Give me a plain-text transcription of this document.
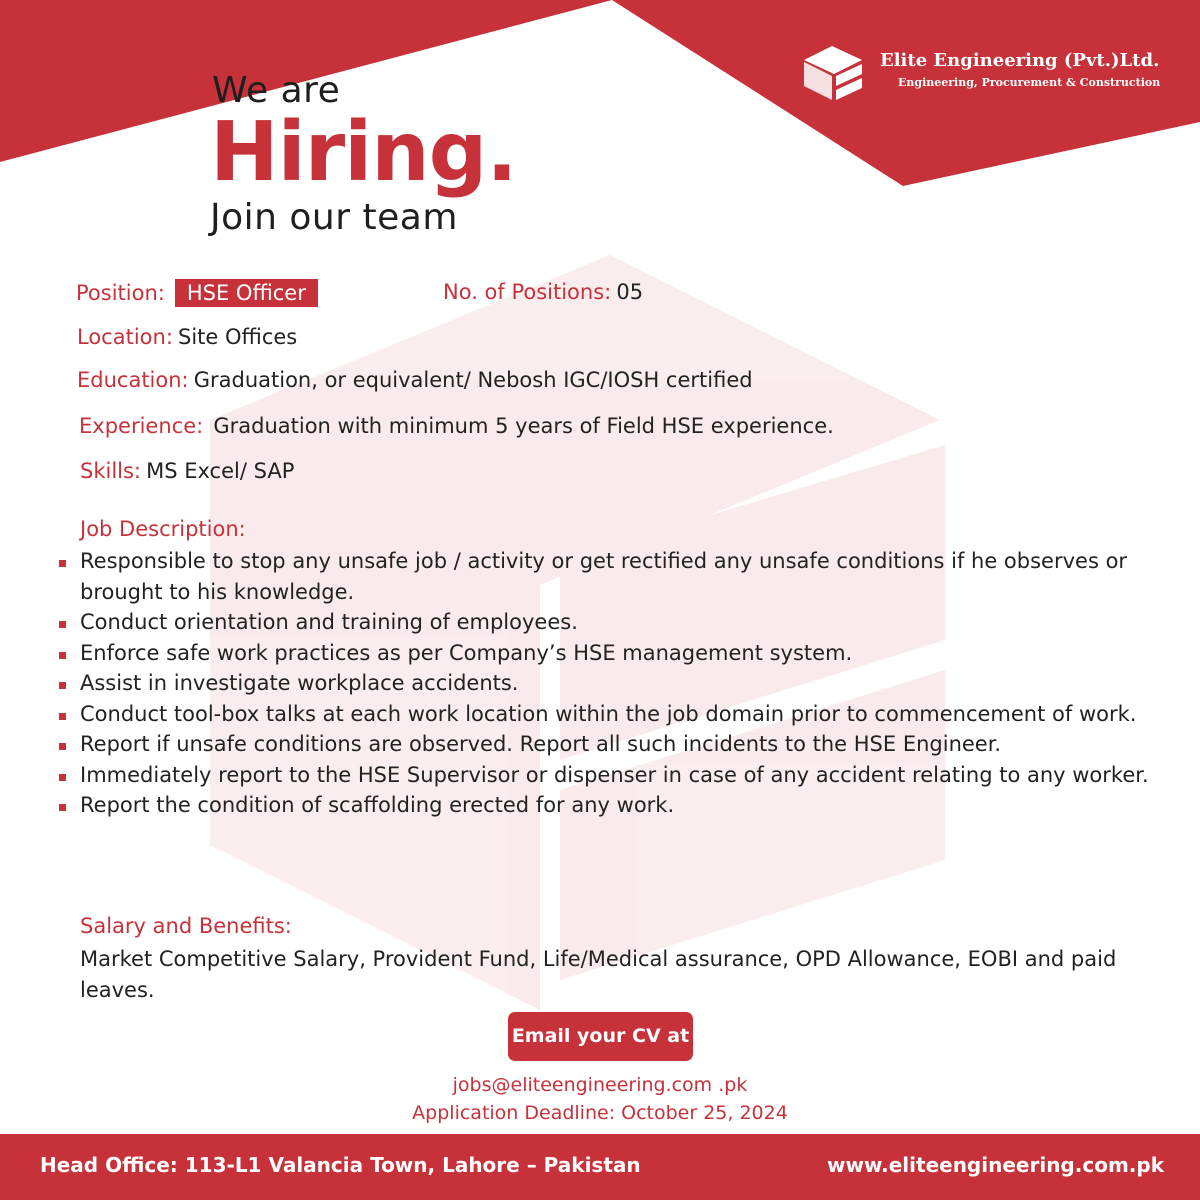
Elite Engineering (Pvt.)Ltd.
Engineering, Procurement & Construction
We are
Hiring.
Join our team
Position: HSE Officer	No. of Positions: 05
Location: Site Offices
Education: Graduation, or equivalent/ Nebosh IGC/IOSH certified
Experience: Graduation with minimum 5 years of Field HSE experience.
Skills: MS Excel/ SAP
Job Description:
Responsible to stop any unsafe job / activity or get rectified any unsafe conditions if he observes or brought to his knowledge.
Conduct orientation and training of employees.
Enforce safe work practices as per Company’s HSE management system.
Assist in investigate workplace accidents.
Conduct tool-box talks at each work location within the job domain prior to commencement of work.
Report if unsafe conditions are observed. Report all such incidents to the HSE Engineer.
Immediately report to the HSE Supervisor or dispenser in case of any accident relating to any worker.
Report the condition of scaffolding erected for any work.
Salary and Benefits:
Market Competitive Salary, Provident Fund, Life/Medical assurance, OPD Allowance, EOBI and paid leaves.
Email your CV at
jobs@eliteengineering.com .pk
Application Deadline: October 25, 2024
Head Office: 113-L1 Valancia Town, Lahore – Pakistan	www.eliteengineering.com.pk
